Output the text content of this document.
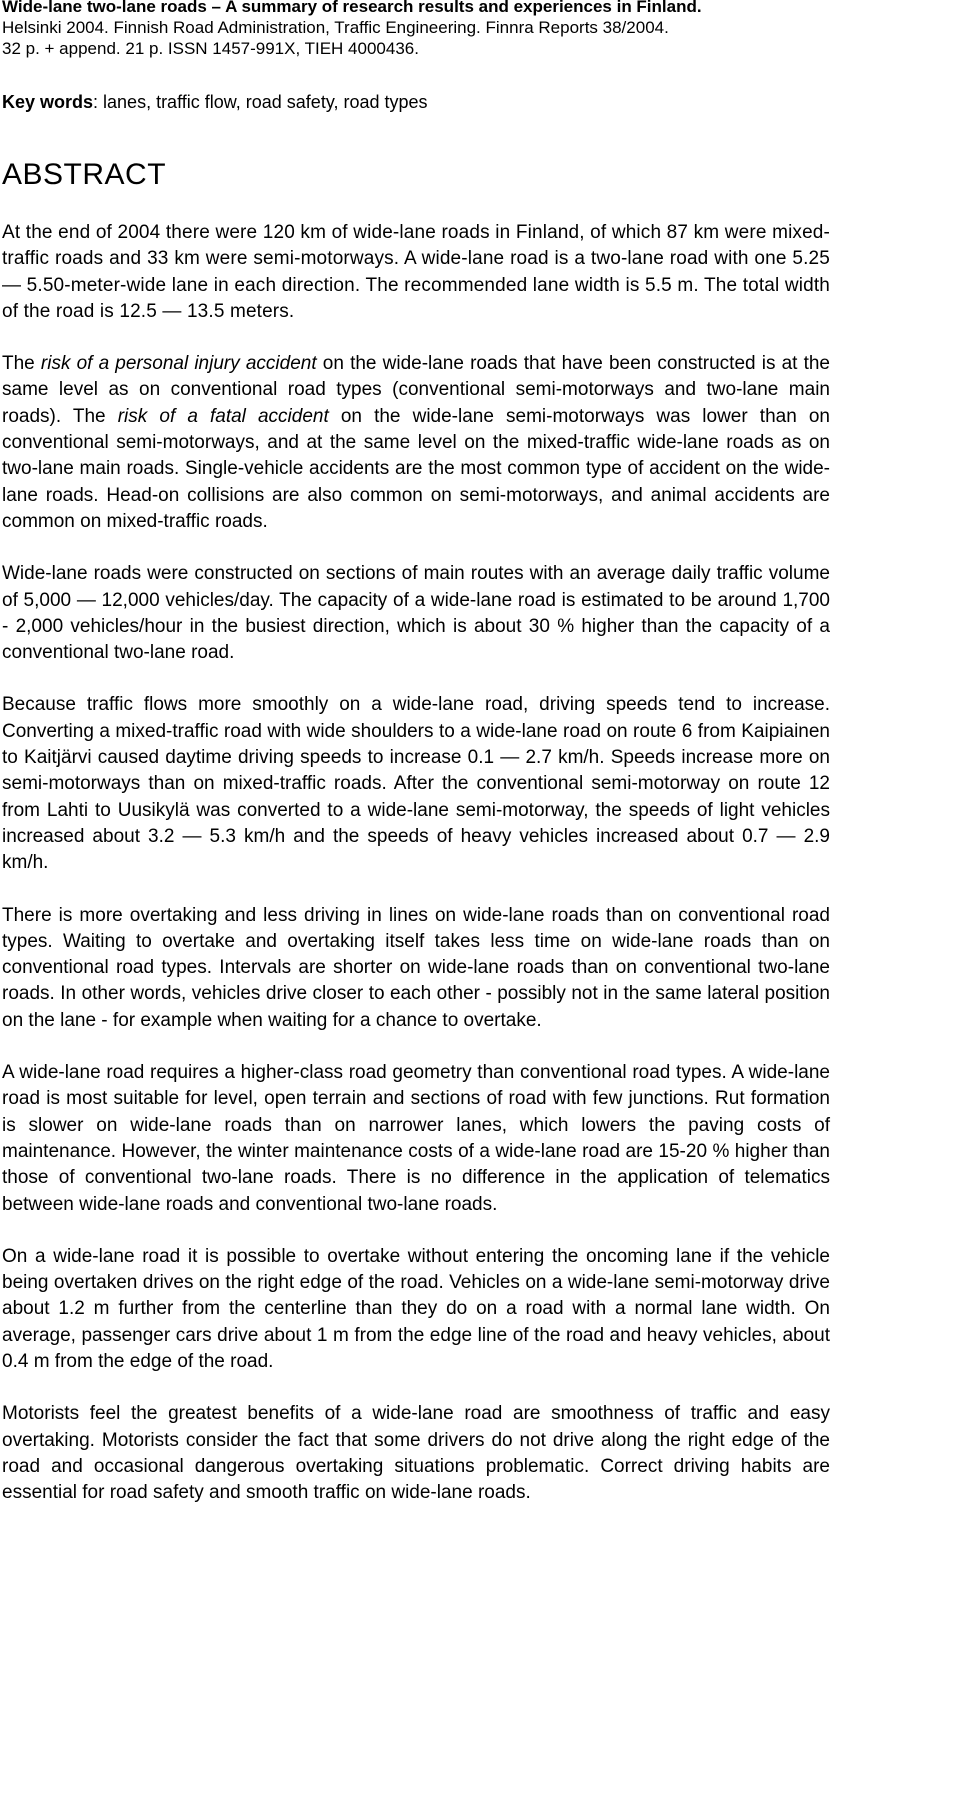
Wide-lane two-lane roads – A summary of research results and experiences in Finland.
Helsinki 2004. Finnish Road Administration, Traffic Engineering. Finnra Reports 38/2004.
32 p. + append. 21 p. ISSN 1457-991X, TIEH 4000436.
Key words: lanes, traffic flow, road safety, road types
ABSTRACT

At the end of 2004 there were 120 km of wide-lane roads in Finland, of which 87 km were mixed-traffic roads and 33 km were semi-motorways. A wide-lane road is a two-lane road with one 5.25 — 5.50-meter-wide lane in each direction. The recommended lane width is 5.5 m. The total width of the road is 12.5 — 13.5 meters.

The risk of a personal injury accident on the wide-lane roads that have been constructed is at the same level as on conventional road types (conventional semi-motorways and two-lane main roads). The risk of a fatal accident on the wide-lane semi-motorways was lower than on conventional semi-motorways, and at the same level on the mixed-traffic wide-lane roads as on two-lane main roads. Single-vehicle accidents are the most common type of accident on the wide-lane roads. Head-on collisions are also common on semi-motorways, and animal accidents are common on mixed-traffic roads.

Wide-lane roads were constructed on sections of main routes with an average daily traffic volume of 5,000 — 12,000 vehicles/day. The capacity of a wide-lane road is estimated to be around 1,700 - 2,000 vehicles/hour in the busiest direction, which is about 30 % higher than the capacity of a conventional two-lane road.

Because traffic flows more smoothly on a wide-lane road, driving speeds tend to increase. Converting a mixed-traffic road with wide shoulders to a wide-lane road on route 6 from Kaipiainen to Kaitjärvi caused daytime driving speeds to increase 0.1 — 2.7 km/h. Speeds increase more on semi-motorways than on mixed-traffic roads. After the conventional semi-motorway on route 12 from Lahti to Uusikylä was converted to a wide-lane semi-motorway, the speeds of light vehicles increased about 3.2 — 5.3 km/h and the speeds of heavy vehicles increased about 0.7 — 2.9 km/h.

There is more overtaking and less driving in lines on wide-lane roads than on conventional road types. Waiting to overtake and overtaking itself takes less time on wide-lane roads than on conventional road types. Intervals are shorter on wide-lane roads than on conventional two-lane roads. In other words, vehicles drive closer to each other - possibly not in the same lateral position on the lane - for example when waiting for a chance to overtake.

A wide-lane road requires a higher-class road geometry than conventional road types. A wide-lane road is most suitable for level, open terrain and sections of road with few junctions. Rut formation is slower on wide-lane roads than on narrower lanes, which lowers the paving costs of maintenance. However, the winter maintenance costs of a wide-lane road are 15-20 % higher than those of conventional two-lane roads. There is no difference in the application of telematics between wide-lane roads and conventional two-lane roads.

On a wide-lane road it is possible to overtake without entering the oncoming lane if the vehicle being overtaken drives on the right edge of the road. Vehicles on a wide-lane semi-motorway drive about 1.2 m further from the centerline than they do on a road with a normal lane width. On average, passenger cars drive about 1 m from the edge line of the road and heavy vehicles, about 0.4 m from the edge of the road.

Motorists feel the greatest benefits of a wide-lane road are smoothness of traffic and easy overtaking. Motorists consider the fact that some drivers do not drive along the right edge of the road and occasional dangerous overtaking situations problematic. Correct driving habits are essential for road safety and smooth traffic on wide-lane roads.
